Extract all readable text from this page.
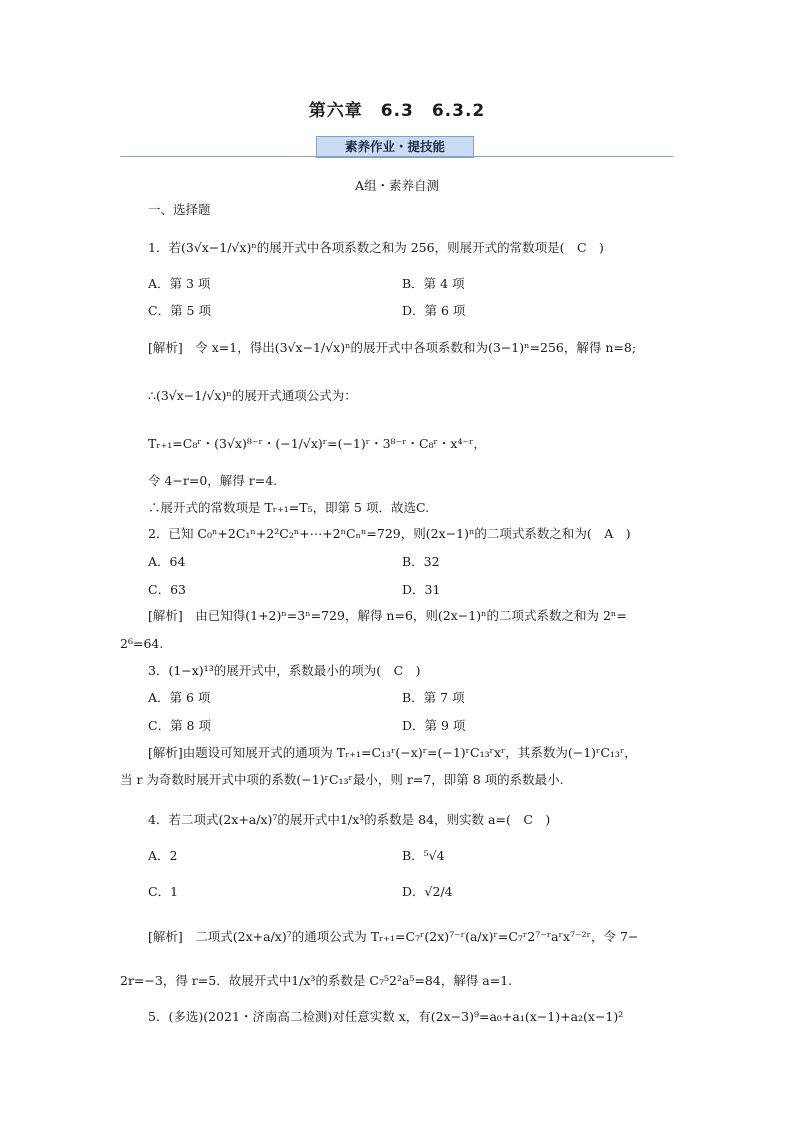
第六章　6.3　6.3.2
素养作业・提技能
A组・素养自测
一、选择题
1．若(3√x−1/√x)ⁿ的展开式中各项系数之和为 256，则展开式的常数项是(　C　)
A．第 3 项	B．第 4 项
C．第 5 项	D．第 6 项
[解析]　令 x=1，得出(3√x−1/√x)ⁿ的展开式中各项系数和为(3−1)ⁿ=256，解得 n=8;
∴(3√x−1/√x)ⁿ的展开式通项公式为：
Tᵣ₊₁=C₈ʳ・(3√x)⁸⁻ʳ・(−1/√x)ʳ=(−1)ʳ・3⁸⁻ʳ・C₈ʳ・x⁴⁻ʳ，
令 4−r=0，解得 r=4.
∴展开式的常数项是 Tᵣ₊₁=T₅，即第 5 项．故选C.
2．已知 C₀ⁿ+2C₁ⁿ+2²C₂ⁿ+⋯+2ⁿCₙⁿ=729，则(2x−1)ⁿ的二项式系数之和为(　A　)
A．64	B．32
C．63	D．31
[解析]　由已知得(1+2)ⁿ=3ⁿ=729，解得 n=6，则(2x−1)ⁿ的二项式系数之和为 2ⁿ=
2⁶=64.
3．(1−x)¹³的展开式中，系数最小的项为(　C　)
A．第 6 项	B．第 7 项
C．第 8 项	D．第 9 项
[解析]由题设可知展开式的通项为 Tᵣ₊₁=C₁₃ʳ(−x)ʳ=(−1)ʳC₁₃ʳxʳ，其系数为(−1)ʳC₁₃ʳ，
当 r 为奇数时展开式中项的系数(−1)ʳC₁₃ʳ最小，则 r=7，即第 8 项的系数最小.
4．若二项式(2x+a/x)⁷的展开式中1/x³的系数是 84，则实数 a=(　C　)
A．2	B．⁵√4
C．1	D．√2/4
[解析]　二项式(2x+a/x)⁷的通项公式为 Tᵣ₊₁=C₇ʳ(2x)⁷⁻ʳ(a/x)ʳ=C₇ʳ2⁷⁻ʳaʳx⁷⁻²ʳ，令 7−
2r=−3，得 r=5．故展开式中1/x³的系数是 C₇⁵2²a⁵=84，解得 a=1.
5．(多选)(2021・济南高二检测)对任意实数 x，有(2x−3)⁹=a₀+a₁(x−1)+a₂(x−1)²
